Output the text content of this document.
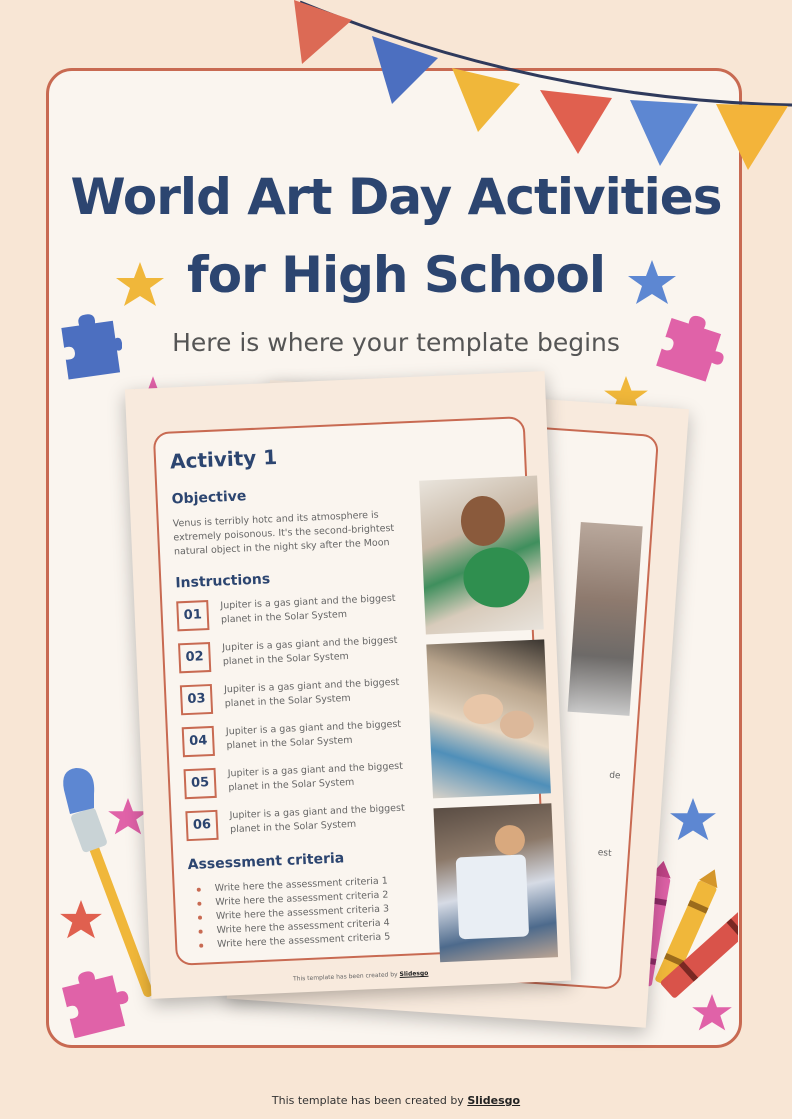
World Art Day Activities
for High School

Here is where your template begins

de
est
Activity 1
Objective

Venus is terribly hotc and its atmosphere is extremely poisonous. It's the second-brightest natural object in the night sky after the Moon

Instructions
01
Jupiter is a gas giant and the biggest planet in the Solar System
02
Jupiter is a gas giant and the biggest planet in the Solar System
03
Jupiter is a gas giant and the biggest planet in the Solar System
04
Jupiter is a gas giant and the biggest planet in the Solar System
05
Jupiter is a gas giant and the biggest planet in the Solar System
06
Jupiter is a gas giant and the biggest planet in the Solar System
Assessment criteria
Write here the assessment criteria 1
Write here the assessment criteria 2
Write here the assessment criteria 3
Write here the assessment criteria 4
Write here the assessment criteria 5
This template has been created by Slidesgo

This template has been created by Slidesgo
